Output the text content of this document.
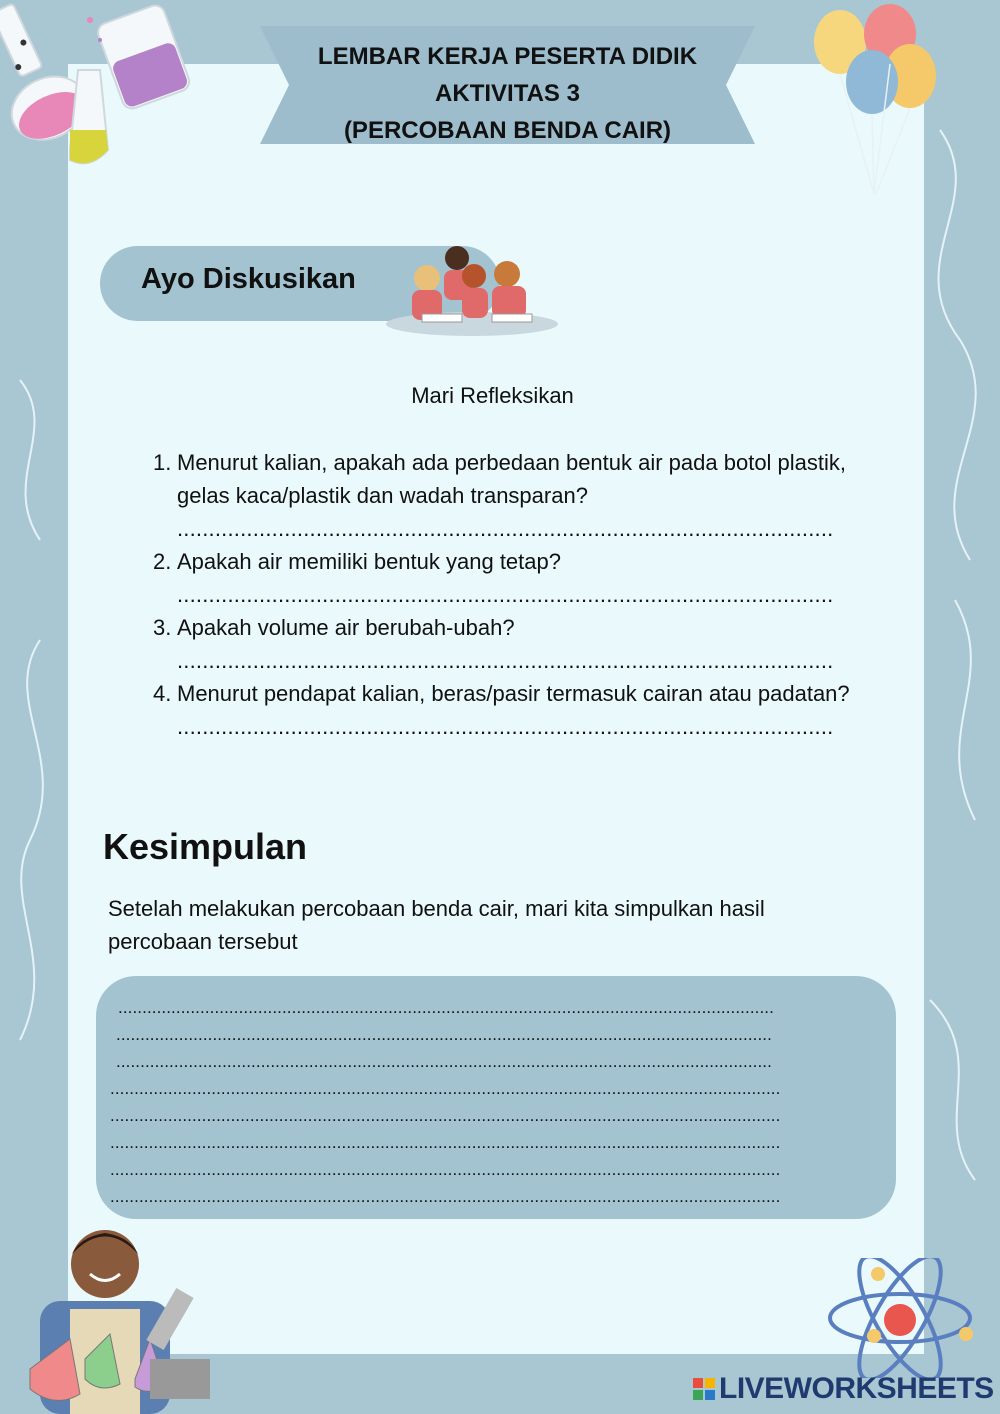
LEMBAR KERJA PESERTA DIDIK
AKTIVITAS 3
(PERCOBAAN BENDA CAIR)
Ayo Diskusikan
Mari Refleksikan
1. Menurut kalian, apakah ada perbedaan bentuk air pada botol plastik, gelas kaca/plastik dan wadah transparan?
........................................................................................................
2. Apakah air memiliki bentuk yang tetap?
........................................................................................................
3. Apakah volume air berubah-ubah?
........................................................................................................
4. Menurut pendapat kalian, beras/pasir termasuk cairan atau padatan?
........................................................................................................
Kesimpulan
Setelah melakukan percobaan benda cair, mari kita simpulkan hasil percobaan tersebut
........................................................................................................................................
........................................................................................................................................
........................................................................................................................................
...........................................................................................................................................
...........................................................................................................................................
...........................................................................................................................................
...........................................................................................................................................
...........................................................................................................................................
LIVEWORKSHEETS
